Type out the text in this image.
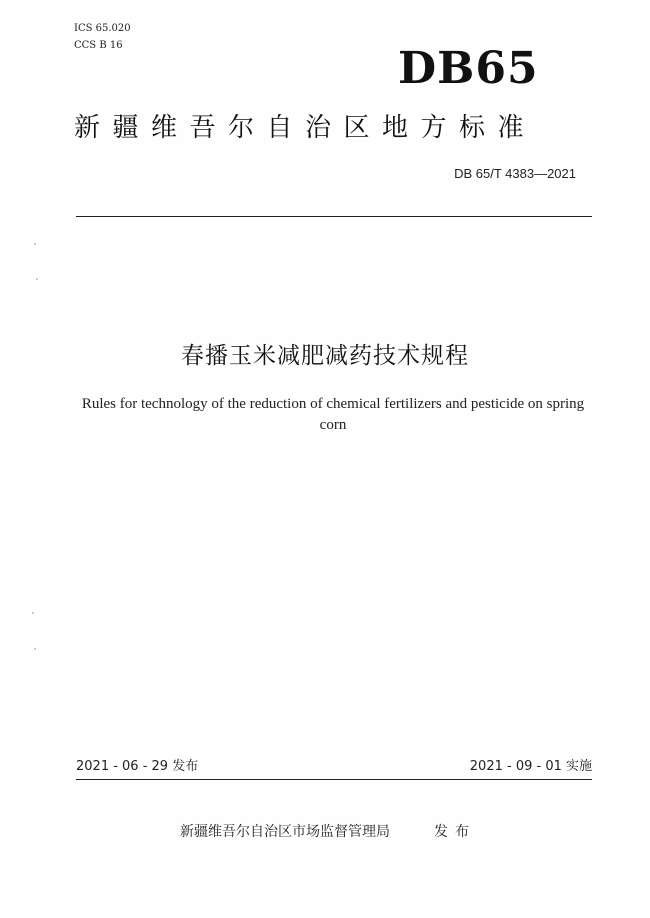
ICS 65.020
CCS B 16	DB65
新疆维吾尔自治区地方标准
DB 65/T 4383—2021
春播玉米减肥减药技术规程
Rules for technology of the reduction of chemical fertilizers and pesticide on spring corn
2021 - 06 - 29 发布	2021 - 09 - 01 实施
新疆维吾尔自治区市场监督管理局	发布
